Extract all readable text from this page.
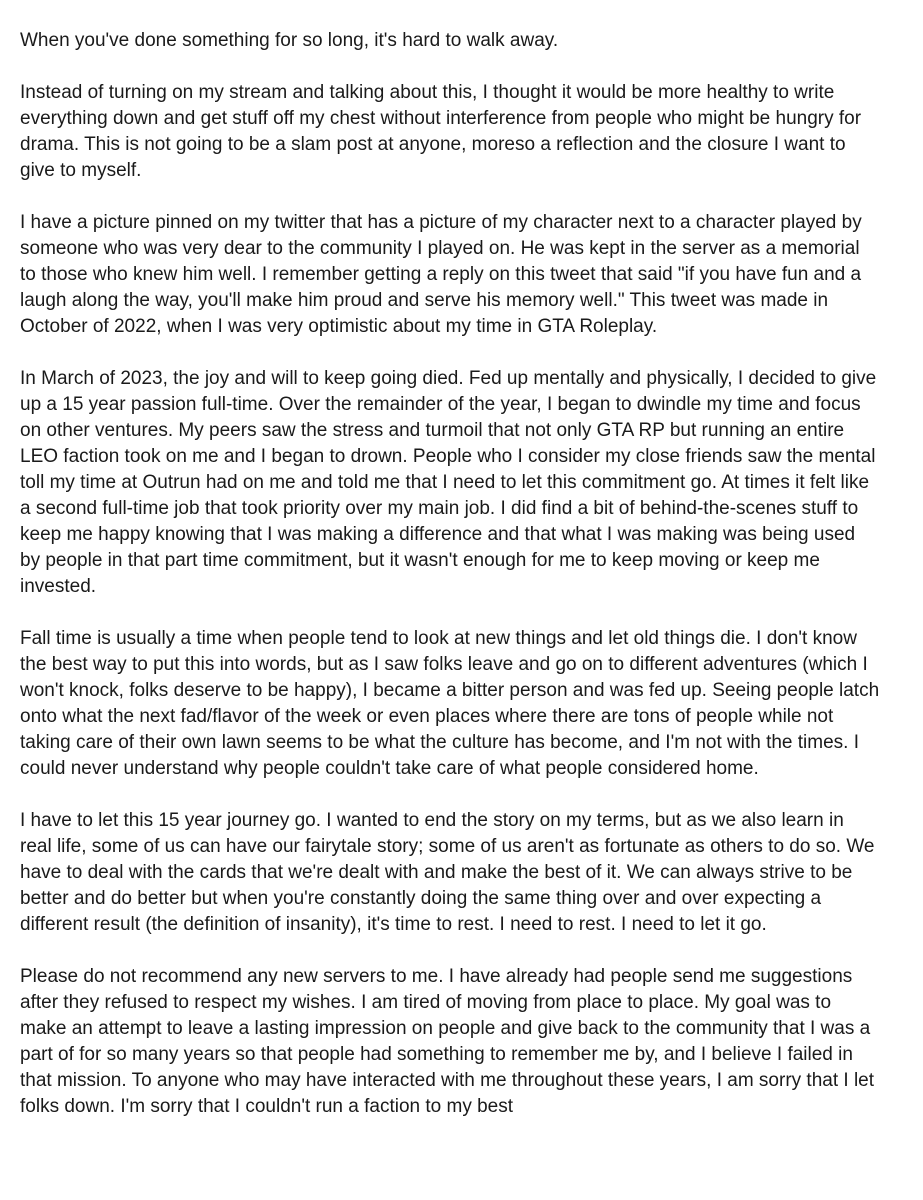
When you've done something for so long, it's hard to walk away.

Instead of turning on my stream and talking about this, I thought it would be more healthy to write everything down and get stuff off my chest without interference from people who might be hungry for drama. This is not going to be a slam post at anyone, moreso a reflection and the closure I want to give to myself.

I have a picture pinned on my twitter that has a picture of my character next to a character played by someone who was very dear to the community I played on. He was kept in the server as a memorial to those who knew him well. I remember getting a reply on this tweet that said "if you have fun and a laugh along the way, you'll make him proud and serve his memory well." This tweet was made in October of 2022, when I was very optimistic about my time in GTA Roleplay.

In March of 2023, the joy and will to keep going died. Fed up mentally and physically, I decided to give up a 15 year passion full-time. Over the remainder of the year, I began to dwindle my time and focus on other ventures. My peers saw the stress and turmoil that not only GTA RP but running an entire LEO faction took on me and I began to drown. People who I consider my close friends saw the mental toll my time at Outrun had on me and told me that I need to let this commitment go. At times it felt like a second full-time job that took priority over my main job. I did find a bit of behind-the-scenes stuff to keep me happy knowing that I was making a difference and that what I was making was being used by people in that part time commitment, but it wasn't enough for me to keep moving or keep me invested.

Fall time is usually a time when people tend to look at new things and let old things die. I don't know the best way to put this into words, but as I saw folks leave and go on to different adventures (which I won't knock, folks deserve to be happy), I became a bitter person and was fed up. Seeing people latch onto what the next fad/flavor of the week or even places where there are tons of people while not taking care of their own lawn seems to be what the culture has become, and I'm not with the times. I could never understand why people couldn't take care of what people considered home.

I have to let this 15 year journey go. I wanted to end the story on my terms, but as we also learn in real life, some of us can have our fairytale story; some of us aren't as fortunate as others to do so. We have to deal with the cards that we're dealt with and make the best of it. We can always strive to be better and do better but when you're constantly doing the same thing over and over expecting a different result (the definition of insanity), it's time to rest. I need to rest. I need to let it go.

Please do not recommend any new servers to me. I have already had people send me suggestions after they refused to respect my wishes. I am tired of moving from place to place. My goal was to make an attempt to leave a lasting impression on people and give back to the community that I was a part of for so many years so that people had something to remember me by, and I believe I failed in that mission. To anyone who may have interacted with me throughout these years, I am sorry that I let folks down. I'm sorry that I couldn't run a faction to my best
